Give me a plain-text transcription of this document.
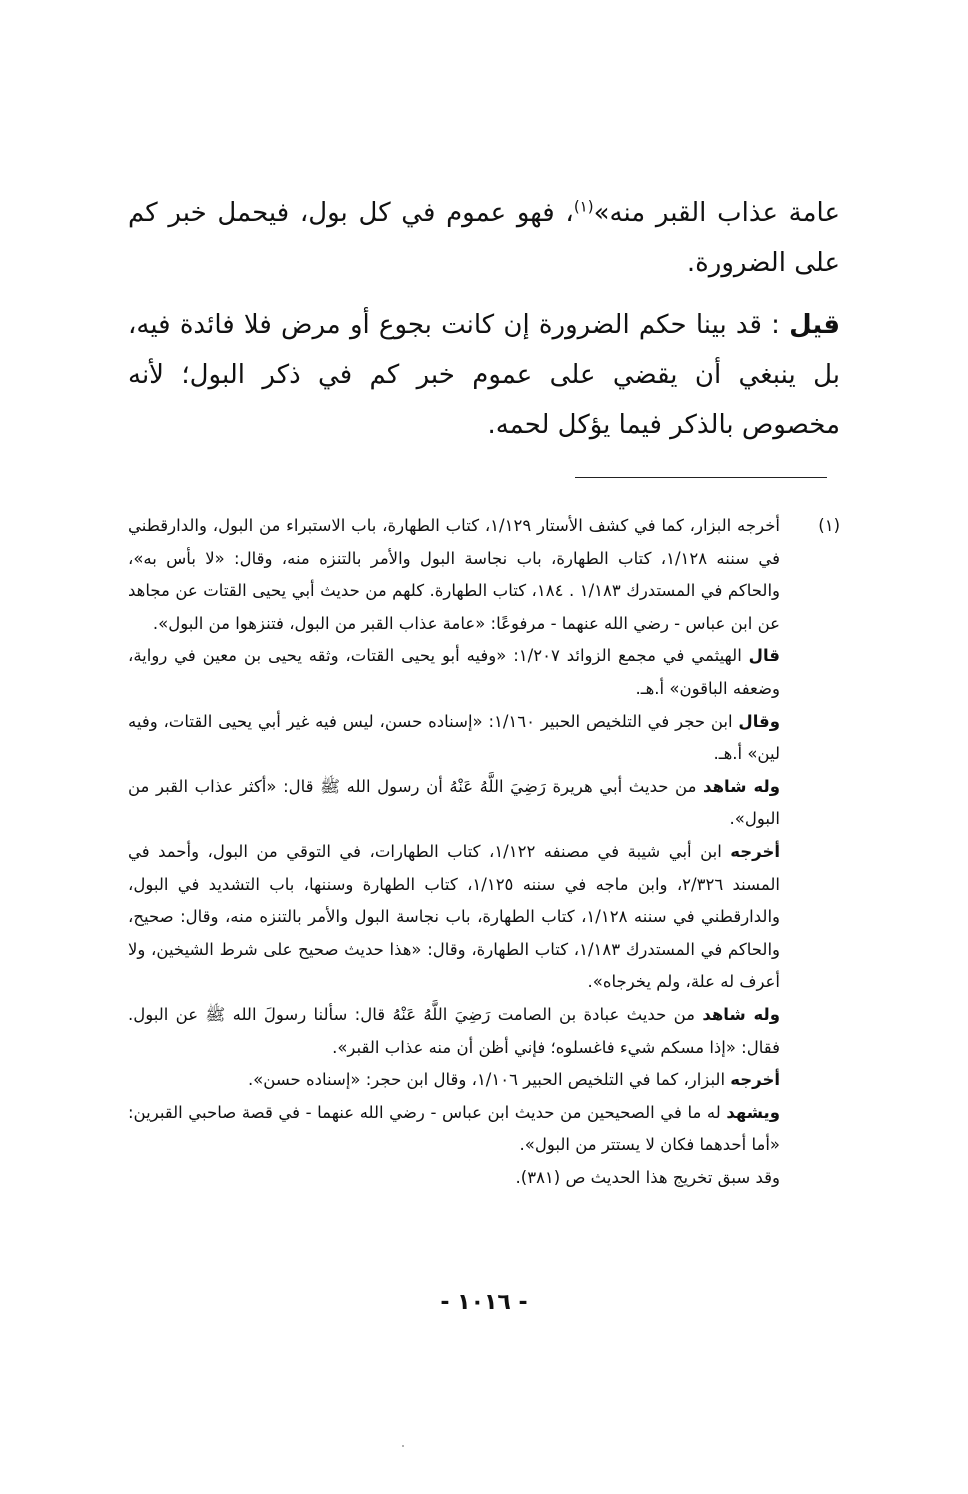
عامة عذاب القبر منه»$^{(١)}$، فهو عموم في كل بول، فيحمل خبر كم على الضرورة.

قيل : قد بينا حكم الضرورة إن كانت بجوع أو مرض فلا فائدة فيه، بل ينبغي أن يقضي على عموم خبر كم في ذكر البول؛ لأنه مخصوص بالذكر فيما يؤكل لحمه.

(١)

أخرجه البزار، كما في كشف الأستار ١/١٢٩، كتاب الطهارة، باب الاستبراء من البول، والدارقطني في سننه ١/١٢٨، كتاب الطهارة، باب نجاسة البول والأمر بالتنزه منه، وقال: «لا بأس به»، والحاكم في المستدرك ١/١٨٣ . ١٨٤، كتاب الطهارة. كلهم من حديث أبي يحيى القتات عن مجاهد عن ابن عباس - رضي الله عنهما - مرفوعًا: «عامة عذاب القبر من البول، فتنزهوا من البول».

قال الهيثمي في مجمع الزوائد ١/٢٠٧: «وفيه أبو يحيى القتات، وثقه يحيى بن معين في رواية، وضعفه الباقون» أ.هـ.

وقال ابن حجر في التلخيص الحبير ١/١٦٠: «إسناده حسن، ليس فيه غير أبي يحيى القتات، وفيه لين» أ.هـ.

وله شاهد من حديث أبي هريرة رَضِيَ اللَّهُ عَنْهُ أن رسول الله ﷺ قال: «أكثر عذاب القبر من البول».

أخرجه ابن أبي شيبة في مصنفه ١/١٢٢، كتاب الطهارات، في التوقي من البول، وأحمد في المسند ٢/٣٢٦، وابن ماجه في سننه ١/١٢٥، كتاب الطهارة وسننها، باب التشديد في البول، والدارقطني في سننه ١/١٢٨، كتاب الطهارة، باب نجاسة البول والأمر بالتنزه منه، وقال: صحيح، والحاكم في المستدرك ١/١٨٣، كتاب الطهارة، وقال: «هذا حديث صحيح على شرط الشيخين، ولا أعرف له علة، ولم يخرجاه».

وله شاهد من حديث عبادة بن الصامت رَضِيَ اللَّهُ عَنْهُ قال: سألنا رسولَ الله ﷺ عن البول. فقال: «إذا مسكم شيء فاغسلوه؛ فإني أظن أن منه عذاب القبر».

أخرجه البزار، كما في التلخيص الحبير ١/١٠٦، وقال ابن حجر: «إسناده حسن».

ويشهد له ما في الصحيحين من حديث ابن عباس - رضي الله عنهما - في قصة صاحبي القبرين: «أما أحدهما فكان لا يستتر من البول».

وقد سبق تخريج هذا الحديث ص (٣٨١).

- ١٠١٦ -
